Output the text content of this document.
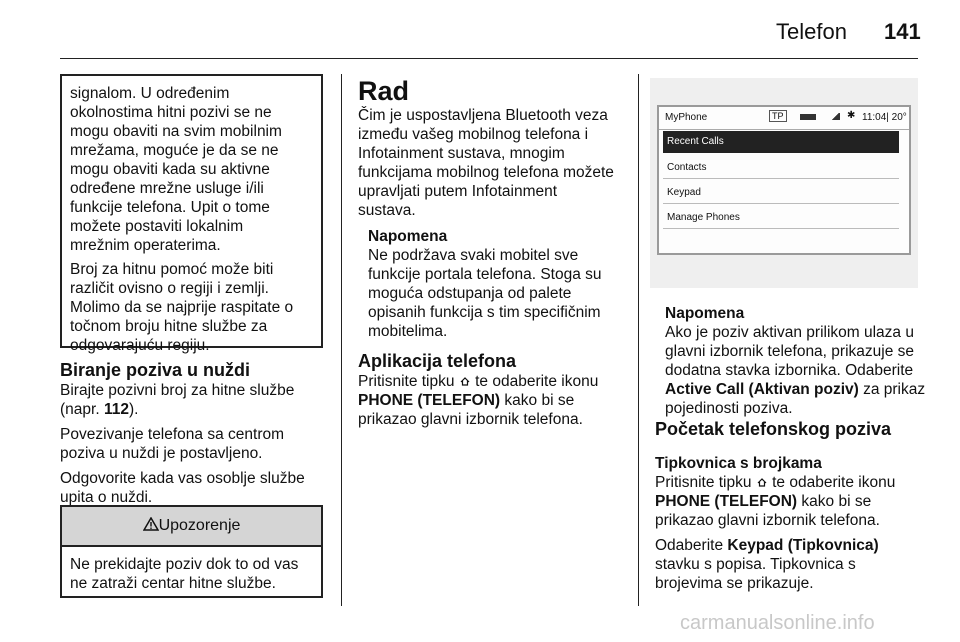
Telefon 141

signalom. U određenim

okolnostima hitni pozivi se ne

mogu obaviti na svim mobilnim

mrežama, moguće je da se ne

mogu obaviti kada su aktivne

određene mrežne usluge i/ili

funkcije telefona. Upit o tome

možete postaviti lokalnim

mrežnim operaterima.

Broj za hitnu pomoć može biti

različit ovisno o regiji i zemlji.

Molimo da se najprije raspitate o

točnom broju hitne službe za

odgovarajuću regiju.

Biranje poziva u nuždi

Birajte pozivni broj za hitne službe

(napr. 112).

Povezivanje telefona sa centrom

poziva u nuždi je postavljeno.

Odgovorite kada vas osoblje službe

upita o nuždi.

Upozorenje

Ne prekidajte poziv dok to od vas

ne zatraži centar hitne službe.

Rad

Čim je uspostavljena Bluetooth veza

između vašeg mobilnog telefona i

Infotainment sustava, mnogim

funkcijama mobilnog telefona možete

upravljati putem Infotainment

sustava.

Napomena

Ne podržava svaki mobitel sve

funkcije portala telefona. Stoga su

moguća odstupanja od palete

opisanih funkcija s tim specifičnim

mobitelima.

Aplikacija telefona

Pritisnite tipku te odaberite ikonu

PHONE (TELEFON) kako bi se

prikazao glavni izbornik telefona.

MyPhone	TP	✱ 11:04| 20°
Recent Calls
Contacts
Keypad
Manage Phones

Napomena

Ako je poziv aktivan prilikom ulaza u

glavni izbornik telefona, prikazuje se

dodatna stavka izbornika. Odaberite

Active Call (Aktivan poziv) za prikaz

pojedinosti poziva.

Početak telefonskog poziva

Tipkovnica s brojkama

Pritisnite tipku te odaberite ikonu

PHONE (TELEFON) kako bi se

prikazao glavni izbornik telefona.

Odaberite Keypad (Tipkovnica)

stavku s popisa. Tipkovnica s

brojevima se prikazuje.

carmanualsonline.info
